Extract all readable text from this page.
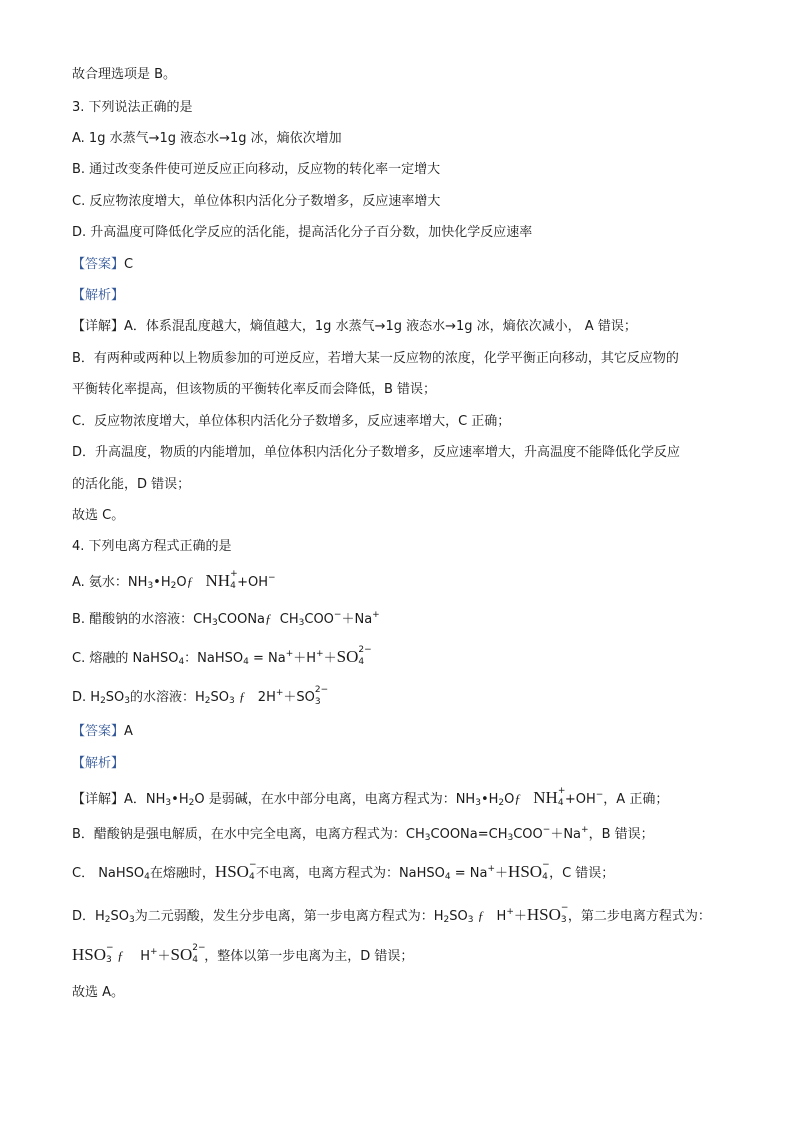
故合理选项是 B。
3. 下列说法正确的是
A. 1g 水蒸气→1g 液态水→1g 冰，熵依次增加
B. 通过改变条件使可逆反应正向移动，反应物的转化率一定增大
C. 反应物浓度增大，单位体积内活化分子数增多，反应速率增大
D. 升高温度可降低化学反应的活化能，提高活化分子百分数，加快化学反应速率
【答案】C
【解析】
【详解】A．体系混乱度越大，熵值越大，1g 水蒸气→1g 液态水→1g 冰，熵依次减小， A 错误；
B．有两种或两种以上物质参加的可逆反应，若增大某一反应物的浓度，化学平衡正向移动，其它反应物的
平衡转化率提高，但该物质的平衡转化率反而会降低，B 错误；
C．反应物浓度增大，单位体积内活化分子数增多，反应速率增大，C 正确；
D．升高温度，物质的内能增加，单位体积内活化分子数增多，反应速率增大，升高温度不能降低化学反应
的活化能，D 错误；
故选 C。
4. 下列电离方程式正确的是
A. 氨水：$NH_3•H_2Oƒ$ NH +
4 +OH−
B. 醋酸钠的水溶液：$CH_3COONaƒ$ $CH_3COO^-+Na^+$
C. 熔融的 NaHSO$_4$：NaHSO$_4$ = Na+＋H+＋SO 2−
4
D. $H_2SO_3$的水溶液：$H_2SO_3$ ƒ 2H+＋SO 2−
3
【答案】A
【解析】
【详解】A．$NH_3•H_2O$ 是弱碱，在水中部分电离，电离方程式为：$NH_3•H_2Oƒ$ NH +
4 +OH−，A 正确；
B．醋酸钠是强电解质，在水中完全电离，电离方程式为：$CH_3COONa=CH_3COO^-+Na^+$，B 错误；
C． NaHSO$_4$在熔融时，HSO −
4 不电离，电离方程式为：NaHSO$_4$ = Na+＋HSO −
4 ，C 错误；
D．$H_2SO_3$为二元弱酸，发生分步电离，第一步电离方程式为：$H_2SO_3$ ƒ H+＋HSO −
3 ，第二步电离方程式为：
HSO −
3 ƒ H+＋SO 2−
4 ，整体以第一步电离为主，D 错误；
故选 A。
